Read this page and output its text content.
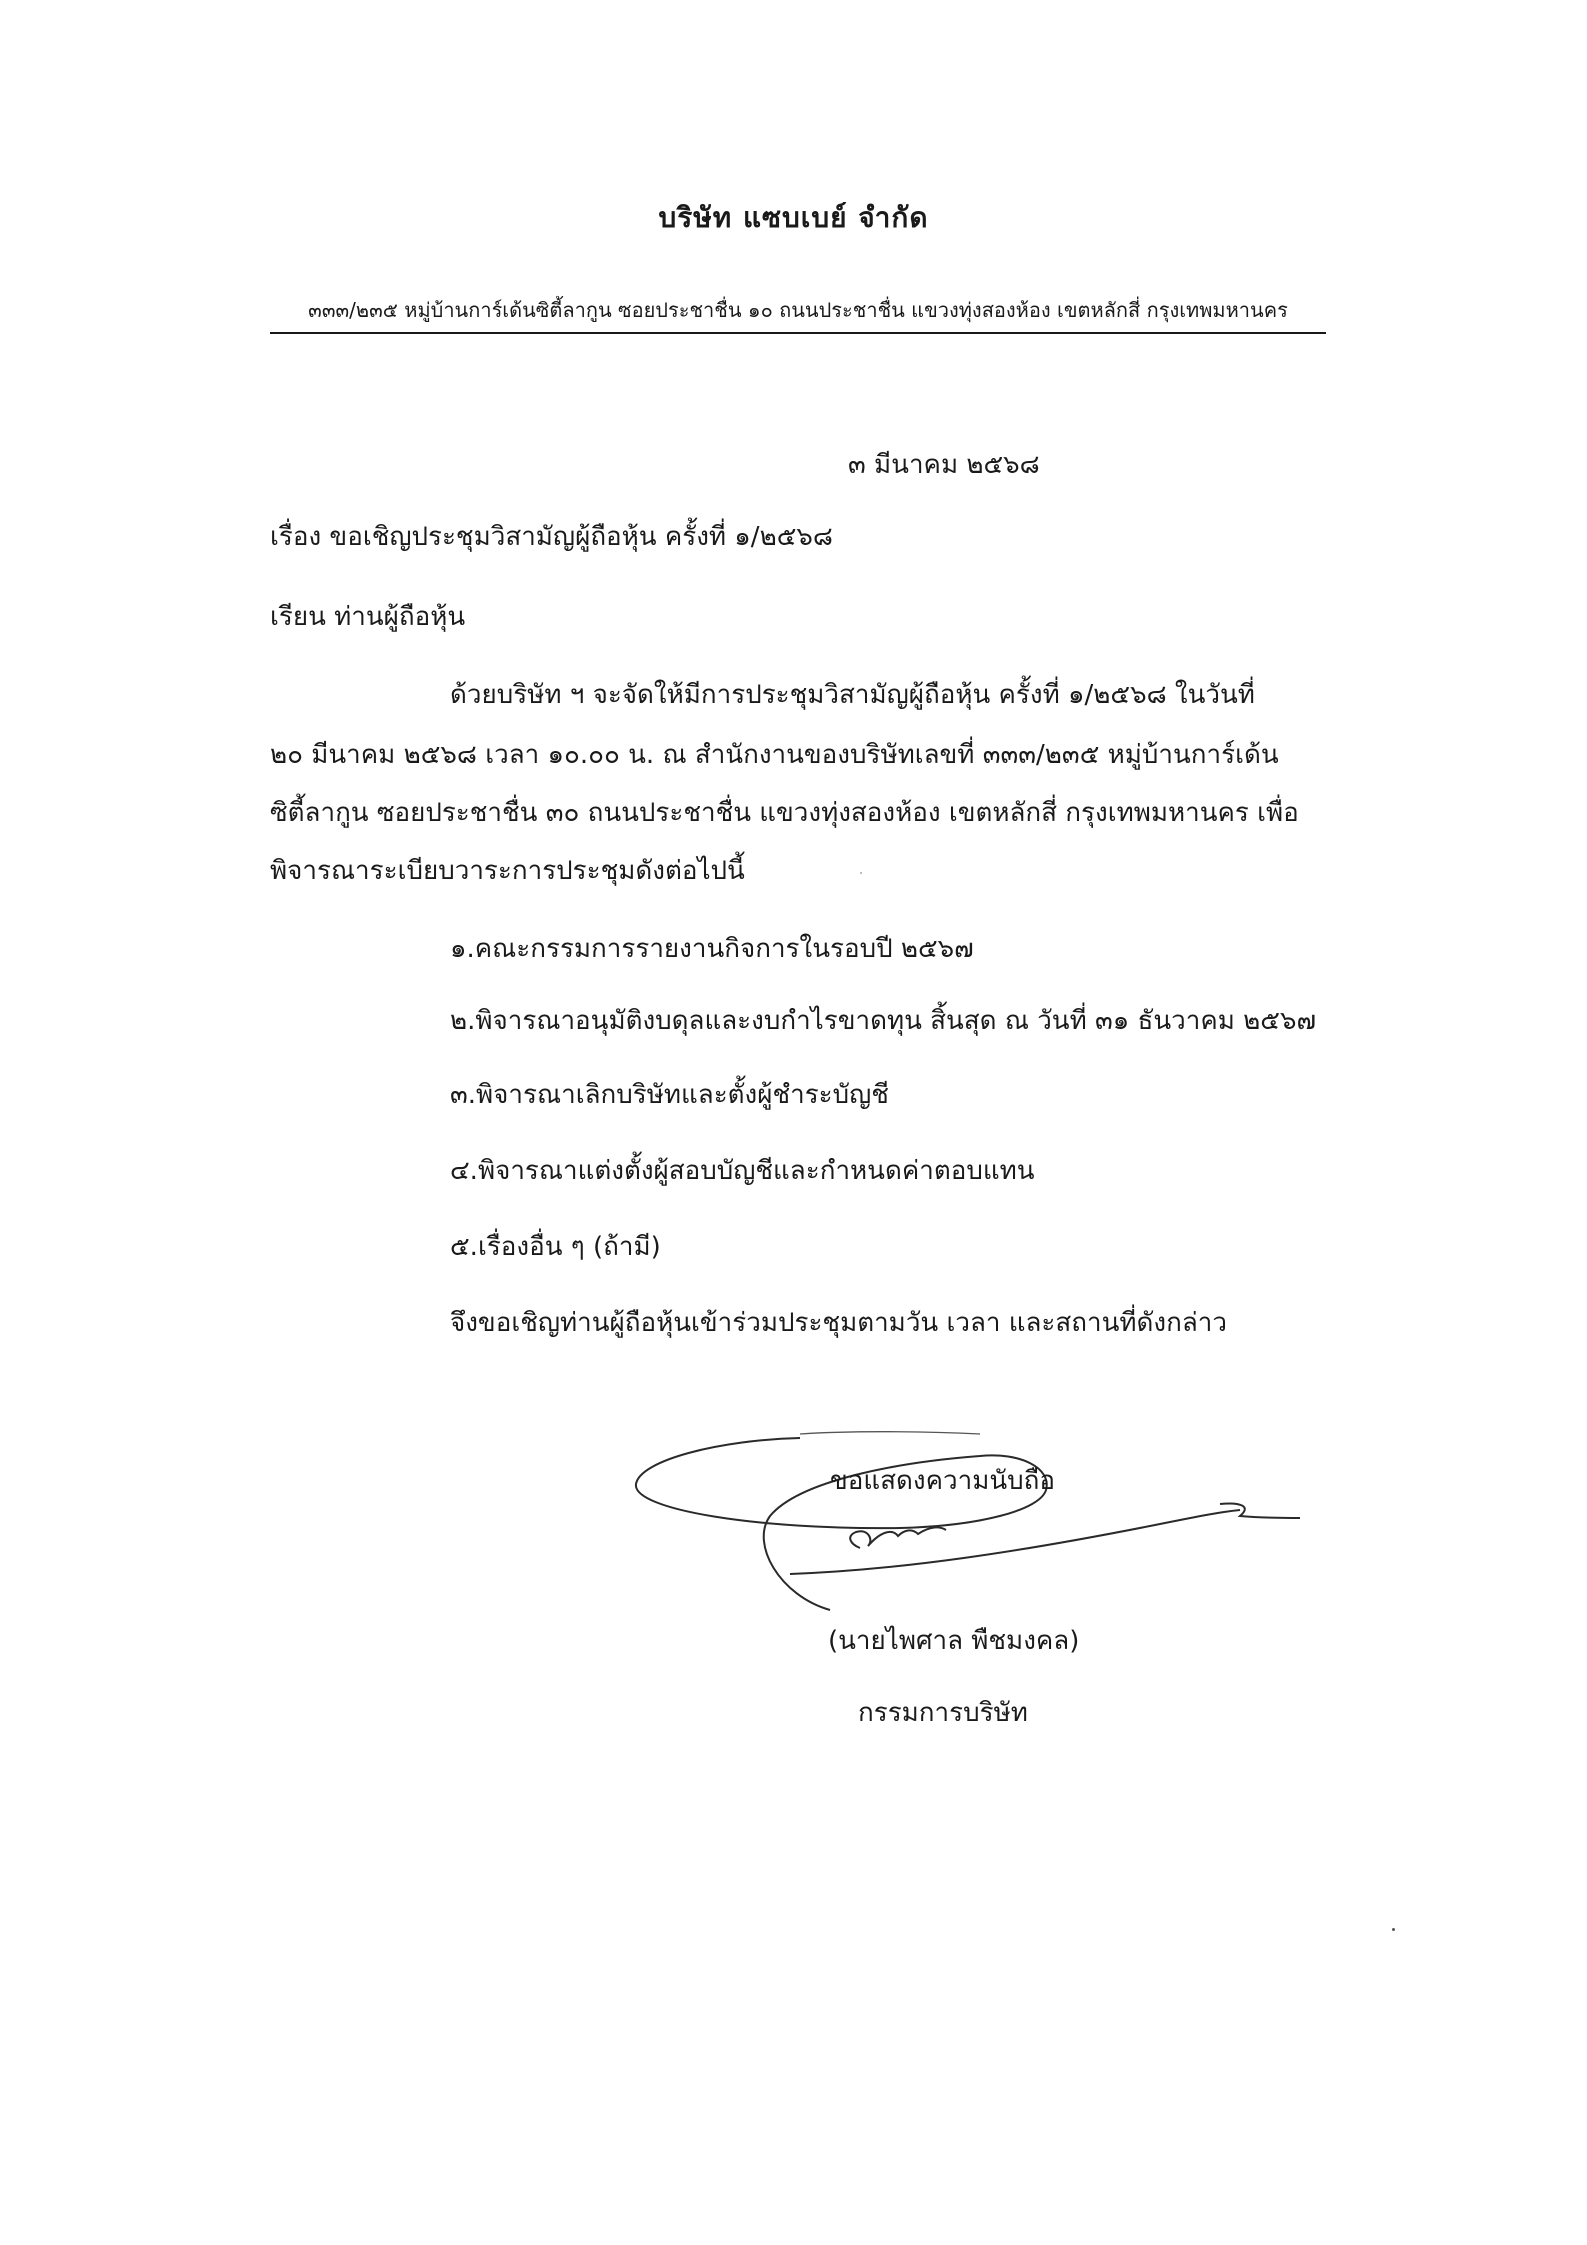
บริษัท แซบเบย์ จำกัด
๓๓๓/๒๓๕ หมู่บ้านการ์เด้นซิตี้ลากูน ซอยประชาชื่น ๑๐ ถนนประชาชื่น แขวงทุ่งสองห้อง เขตหลักสี่ กรุงเทพมหานคร
๓ มีนาคม ๒๕๖๘
เรื่อง ขอเชิญประชุมวิสามัญผู้ถือหุ้น ครั้งที่ ๑/๒๕๖๘
เรียน ท่านผู้ถือหุ้น
ด้วยบริษัท ฯ จะจัดให้มีการประชุมวิสามัญผู้ถือหุ้น ครั้งที่ ๑/๒๕๖๘ ในวันที่
๒๐ มีนาคม ๒๕๖๘ เวลา ๑๐.๐๐ น. ณ สำนักงานของบริษัทเลขที่ ๓๓๓/๒๓๕ หมู่บ้านการ์เด้น
ซิตี้ลากูน ซอยประชาชื่น ๓๐ ถนนประชาชื่น แขวงทุ่งสองห้อง เขตหลักสี่ กรุงเทพมหานคร เพื่อ
พิจารณาระเบียบวาระการประชุมดังต่อไปนี้
๑.คณะกรรมการรายงานกิจการในรอบปี ๒๕๖๗
๒.พิจารณาอนุมัติงบดุลและงบกำไรขาดทุน สิ้นสุด ณ วันที่ ๓๑ ธันวาคม ๒๕๖๗
๓.พิจารณาเลิกบริษัทและตั้งผู้ชำระบัญชี
๔.พิจารณาแต่งตั้งผู้สอบบัญชีและกำหนดค่าตอบแทน
๕.เรื่องอื่น ๆ (ถ้ามี)
จึงขอเชิญท่านผู้ถือหุ้นเข้าร่วมประชุมตามวัน เวลา และสถานที่ดังกล่าว
ขอแสดงความนับถือ
(นายไพศาล พืชมงคล)
กรรมการบริษัท
